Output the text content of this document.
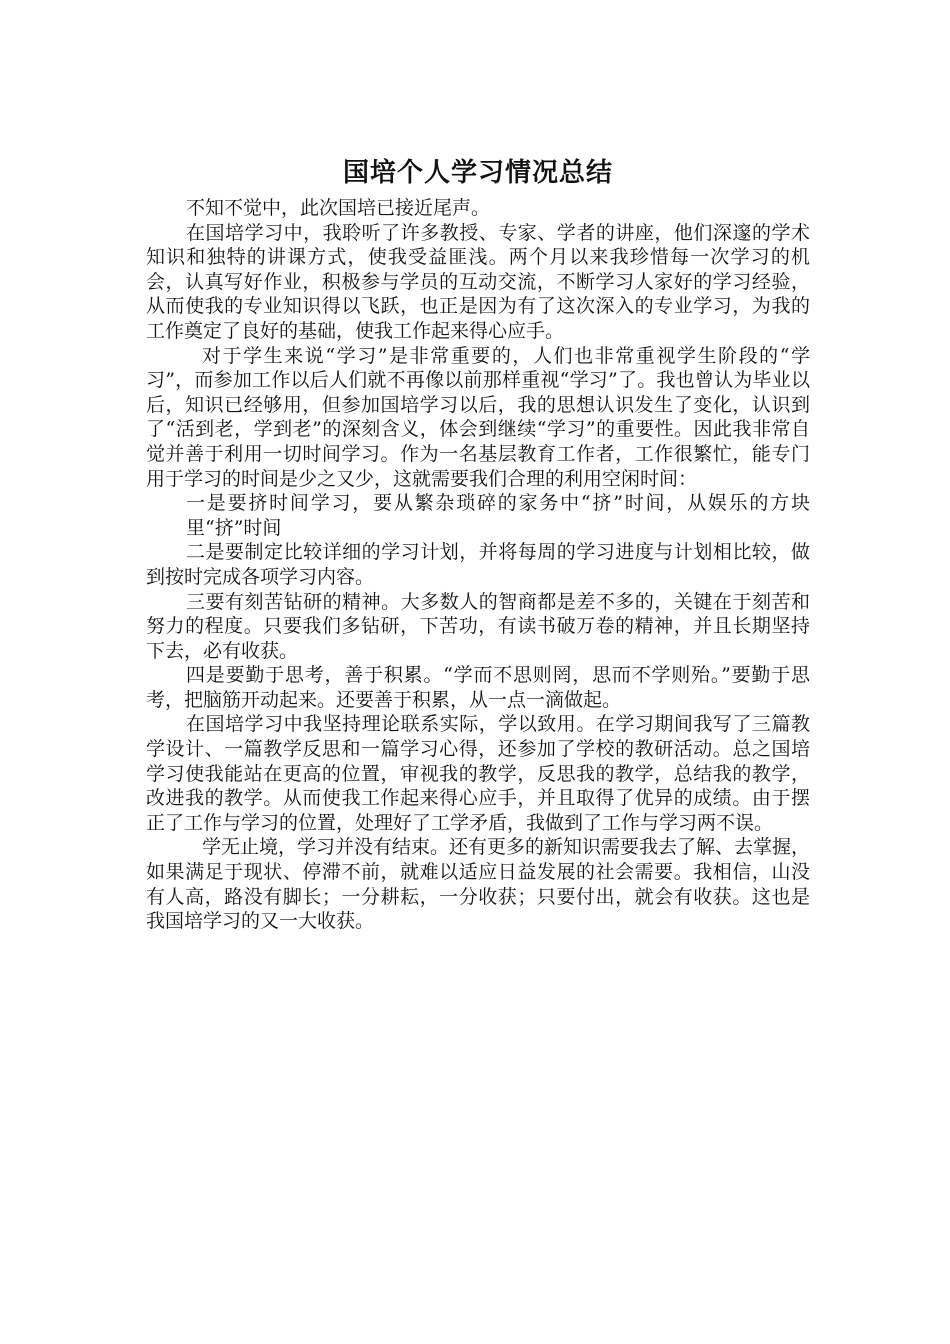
国培个人学习情况总结

不知不觉中，此次国培已接近尾声。

在国培学习中，我聆听了许多教授、专家、学者的讲座，他们深邃的学术知识和独特的讲课方式，使我受益匪浅。两个月以来我珍惜每一次学习的机会，认真写好作业，积极参与学员的互动交流，不断学习人家好的学习经验，从而使我的专业知识得以飞跃，也正是因为有了这次深入的专业学习，为我的工作奠定了良好的基础，使我工作起来得心应手。

对于学生来说“学习”是非常重要的，人们也非常重视学生阶段的“学习”，而参加工作以后人们就不再像以前那样重视“学习”了。我也曾认为毕业以后，知识已经够用，但参加国培学习以后，我的思想认识发生了变化，认识到了“活到老，学到老”的深刻含义，体会到继续“学习”的重要性。因此我非常自觉并善于利用一切时间学习。作为一名基层教育工作者，工作很繁忙，能专门用于学习的时间是少之又少，这就需要我们合理的利用空闲时间：

一是要挤时间学习，要从繁杂琐碎的家务中“挤”时间，从娱乐的方块里“挤”时间

二是要制定比较详细的学习计划，并将每周的学习进度与计划相比较，做到按时完成各项学习内容。

三要有刻苦钻研的精神。大多数人的智商都是差不多的，关键在于刻苦和努力的程度。只要我们多钻研，下苦功，有读书破万卷的精神，并且长期坚持下去，必有收获。

四是要勤于思考，善于积累。“学而不思则罔，思而不学则殆。”要勤于思考，把脑筋开动起来。还要善于积累，从一点一滴做起。

在国培学习中我坚持理论联系实际，学以致用。在学习期间我写了三篇教学设计、一篇教学反思和一篇学习心得，还参加了学校的教研活动。总之国培学习使我能站在更高的位置，审视我的教学，反思我的教学，总结我的教学，改进我的教学。从而使我工作起来得心应手，并且取得了优异的成绩。由于摆正了工作与学习的位置，处理好了工学矛盾，我做到了工作与学习两不误。

学无止境，学习并没有结束。还有更多的新知识需要我去了解、去掌握，如果满足于现状、停滞不前，就难以适应日益发展的社会需要。我相信，山没有人高，路没有脚长；一分耕耘，一分收获；只要付出，就会有收获。这也是我国培学习的又一大收获。
